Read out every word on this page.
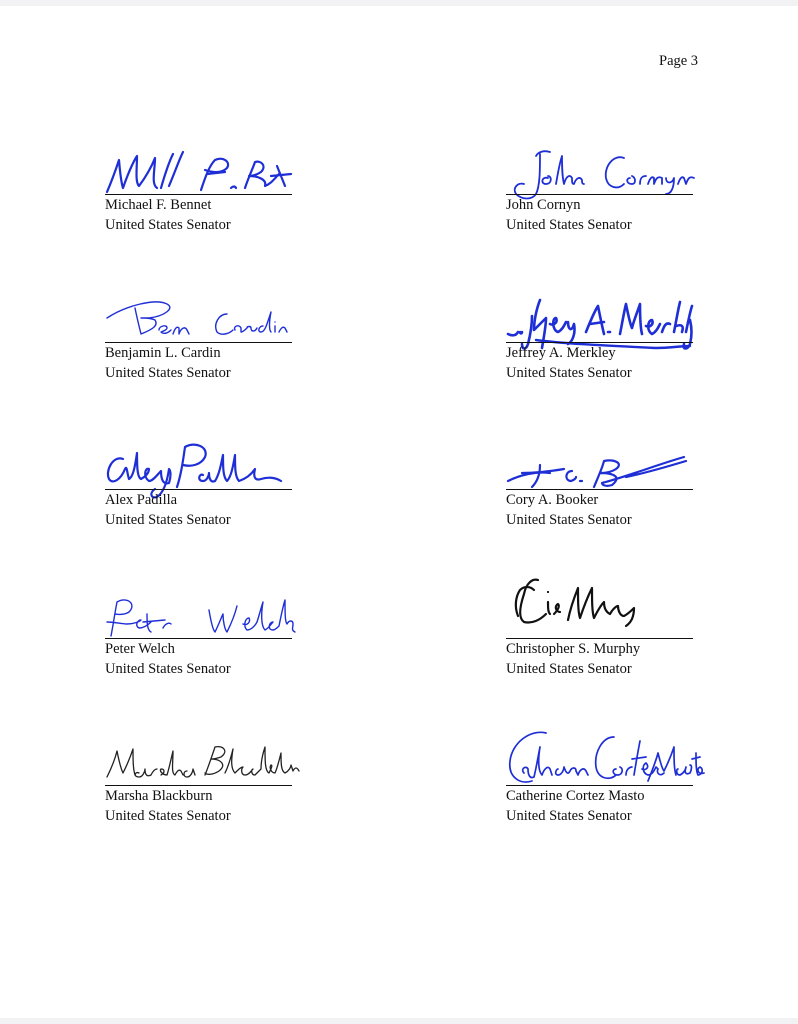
Page 3
Michael F. Bennet
United States Senator
John Cornyn
United States Senator
Benjamin L. Cardin
United States Senator
Jeffrey A. Merkley
United States Senator
Alex Padilla
United States Senator
Cory A. Booker
United States Senator
Peter Welch
United States Senator
Christopher S. Murphy
United States Senator
Marsha Blackburn
United States Senator
Catherine Cortez Masto
United States Senator
